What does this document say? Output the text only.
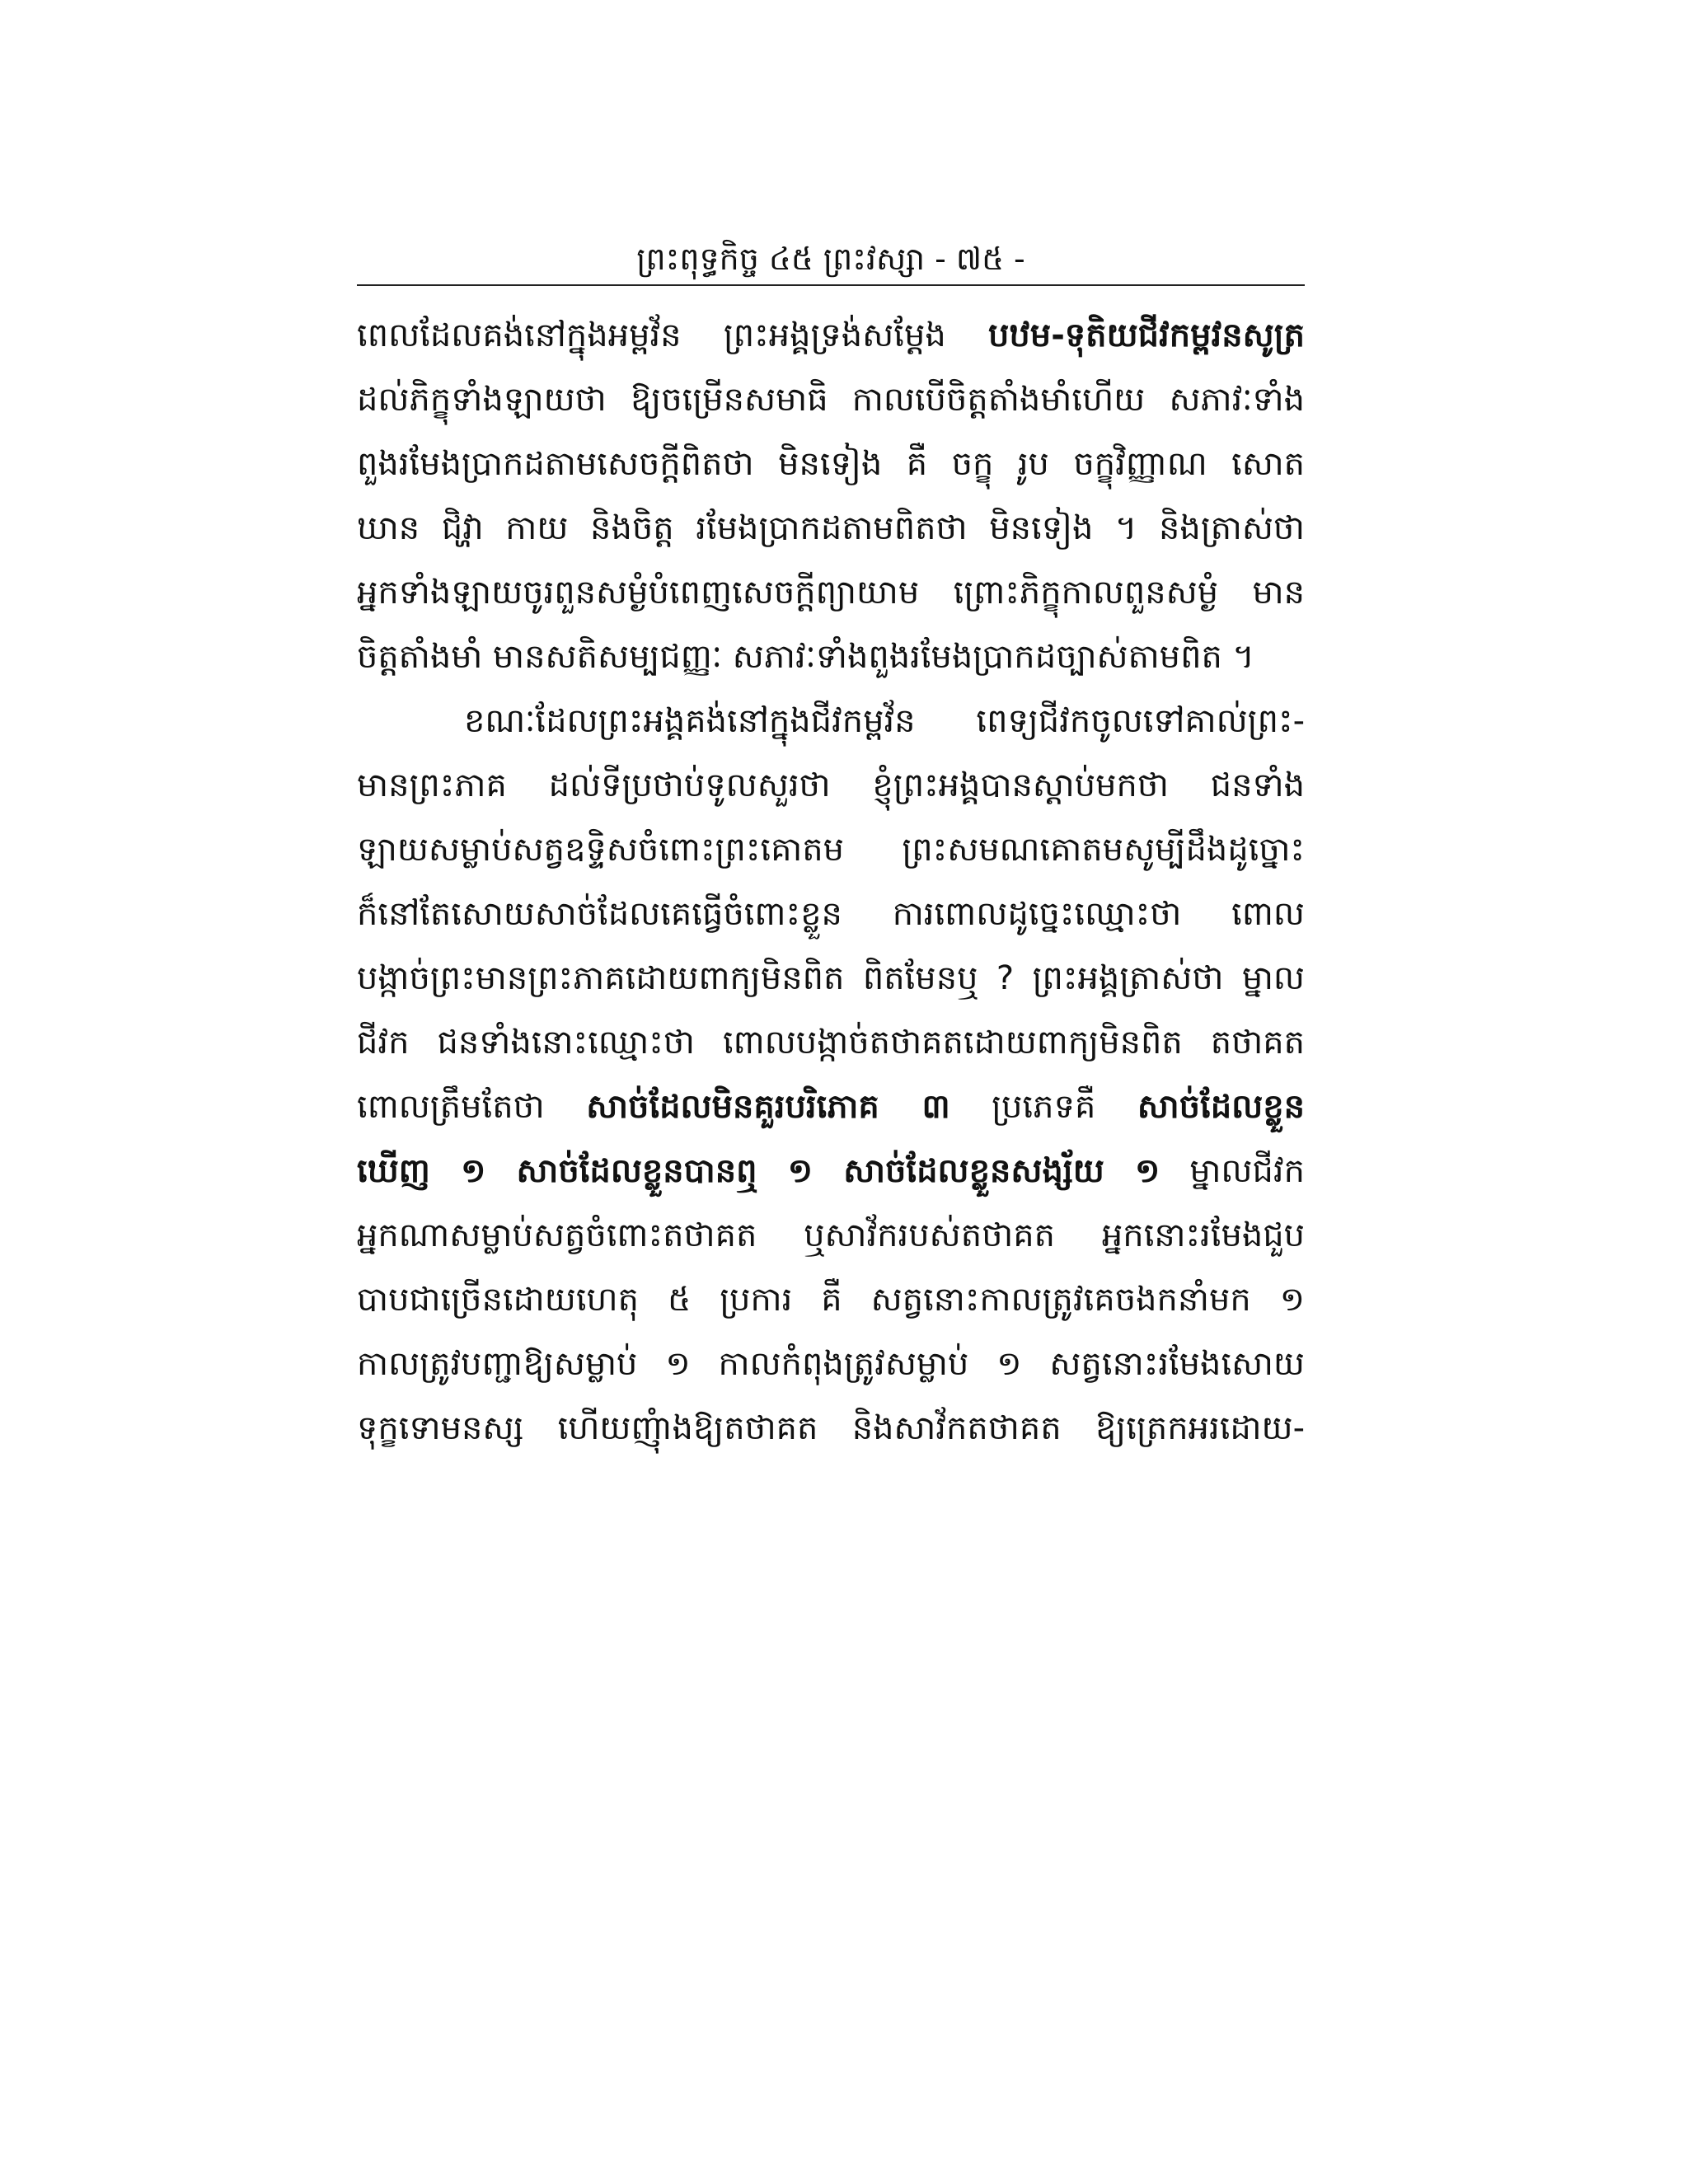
ព្រះពុទ្ធកិច្ច ៤៥ ព្រះវស្សា ‑ ៧៥ ‑
ពេលដែលគង់នៅក្នុងអម្ពវ័ន ព្រះអង្គទ្រង់សម្តែង បឋម‑ទុតិយជីវកម្ពវនសូត្រ
ដល់ភិក្ខុទាំងឡាយថា ឱ្យចម្រើនសមាធិ កាលបើចិត្តតាំងមាំហើយ សភាវៈទាំង
ពួងរមែងប្រាកដតាមសេចក្តីពិតថា មិនទៀង គឺ ចក្ខុ រូប ចក្ខុវិញ្ញាណ សោត
ឃាន ជិវ្ហា កាយ និងចិត្ត រមែងប្រាកដតាមពិតថា មិនទៀង ។ និងត្រាស់ថា
អ្នកទាំងឡាយចូរពួនសម្ងំបំពេញសេចក្តីព្យាយាម ព្រោះភិក្ខុកាលពួនសម្ងំ មាន
ចិត្តតាំងមាំ មានសតិសម្បជញ្ញៈ សភាវៈទាំងពួងរមែងប្រាកដច្បាស់តាមពិត ។
ខណៈដែលព្រះអង្គគង់នៅក្នុងជីវកម្ពវ័ន ពេទ្យជីវកចូលទៅគាល់ព្រះ‑
មានព្រះភាគ ដល់ទីប្រថាប់ទូលសួរថា ខ្ញុំព្រះអង្គបានស្តាប់មកថា ជនទាំង
ឡាយសម្លាប់សត្វឧទ្ទិសចំពោះព្រះគោតម ព្រះសមណគោតមសូម្បីដឹងដូច្នោះ
ក៏នៅតែសោយសាច់ដែលគេធ្វើចំពោះខ្លួន ការពោលដូច្នេះឈ្មោះថា ពោល
បង្កាច់ព្រះមានព្រះភាគដោយពាក្យមិនពិត ពិតមែនឬ ? ព្រះអង្គត្រាស់ថា ម្នាល
ជីវក ជនទាំងនោះឈ្មោះថា ពោលបង្កាច់តថាគតដោយពាក្យមិនពិត តថាគត
ពោលត្រឹមតែថា សាច់ដែលមិនគួរបរិភោគ ៣ ប្រភេទគឺ សាច់ដែលខ្លួន
ឃើញ ១ សាច់ដែលខ្លួនបានឮ ១ សាច់ដែលខ្លួនសង្ស័យ ១ ម្នាលជីវក
អ្នកណាសម្លាប់សត្វចំពោះតថាគត ឬសាវ័ករបស់តថាគត អ្នកនោះរមែងជួប
បាបជាច្រើនដោយហេតុ ៥ ប្រការ គឺ សត្វនោះកាលត្រូវគេចងកនាំមក ១
កាលត្រូវបញ្ជាឱ្យសម្លាប់ ១ កាលកំពុងត្រូវសម្លាប់ ១ សត្វនោះរមែងសោយ
ទុក្ខទោមនស្ស ហើយញុំាងឱ្យតថាគត និងសាវ័កតថាគត ឱ្យត្រេកអរដោយ‑
